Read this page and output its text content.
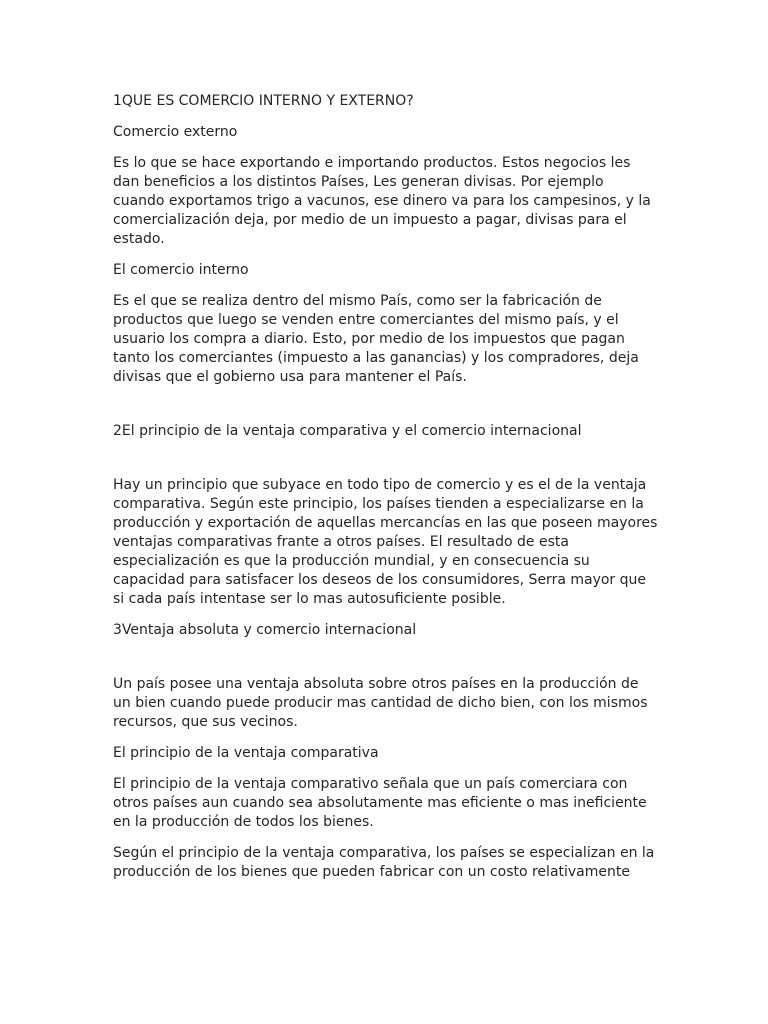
1QUE ES COMERCIO INTERNO Y EXTERNO?

Comercio externo

Es lo que se hace exportando e importando productos. Estos negocios les dan beneficios a los distintos Países, Les generan divisas. Por ejemplo cuando exportamos trigo a vacunos, ese dinero va para los campesinos, y la comercialización deja, por medio de un impuesto a pagar, divisas para el estado.

El comercio interno

Es el que se realiza dentro del mismo País, como ser la fabricación de productos que luego se venden entre comerciantes del mismo país, y el usuario los compra a diario. Esto, por medio de los impuestos que pagan tanto los comerciantes (impuesto a las ganancias) y los compradores, deja divisas que el gobierno usa para mantener el País.

2El principio de la ventaja comparativa y el comercio internacional

Hay un principio que subyace en todo tipo de comercio y es el de la ventaja comparativa. Según este principio, los países tienden a especializarse en la producción y exportación de aquellas mercancías en las que poseen mayores ventajas comparativas frante a otros países. El resultado de esta especialización es que la producción mundial, y en consecuencia su capacidad para satisfacer los deseos de los consumidores, Serra mayor que si cada país intentase ser lo mas autosuficiente posible.

3Ventaja absoluta y comercio internacional

Un país posee una ventaja absoluta sobre otros países en la producción de un bien cuando puede producir mas cantidad de dicho bien, con los mismos recursos, que sus vecinos.

El principio de la ventaja comparativa

El principio de la ventaja comparativo señala que un país comerciara con otros países aun cuando sea absolutamente mas eficiente o mas ineficiente en la producción de todos los bienes.

Según el principio de la ventaja comparativa, los países se especializan en la producción de los bienes que pueden fabricar con un costo relativamente
